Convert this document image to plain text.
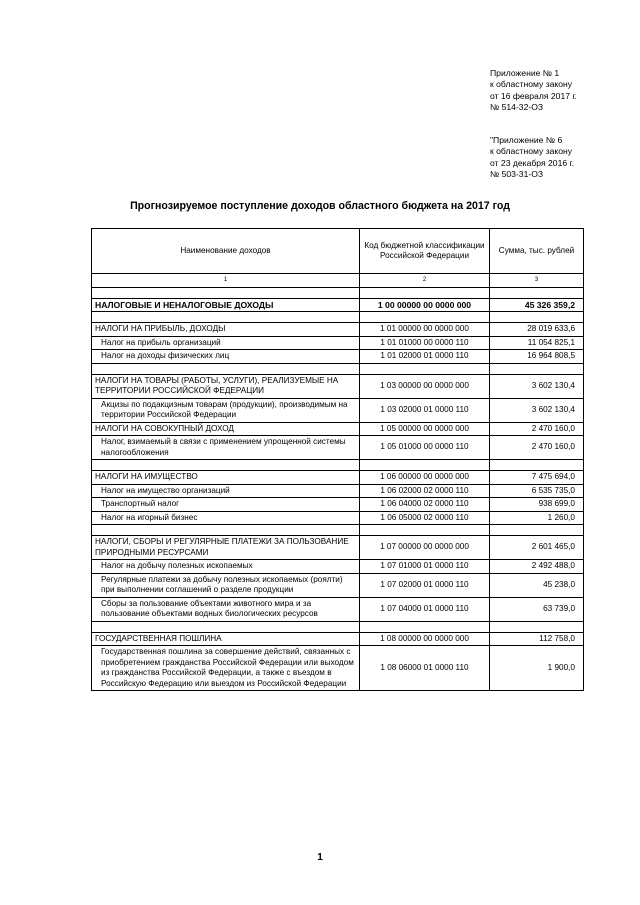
Приложение № 1
к областному закону
от 16 февраля 2017 г.
№ 514-32-ОЗ
"Приложение № 6
к областному закону
от 23 декабря 2016 г.
№ 503-31-ОЗ
Прогнозируемое поступление доходов областного бюджета на 2017 год
Наименование доходов	Код бюджетной классификации Российской Федерации	Сумма, тыс. рублей
1	2	3

НАЛОГОВЫЕ И НЕНАЛОГОВЫЕ ДОХОДЫ	1 00 00000 00 0000 000	45 326 359,2

НАЛОГИ НА ПРИБЫЛЬ, ДОХОДЫ	1 01 00000 00 0000 000	28 019 633,6
Налог на прибыль организаций	1 01 01000 00 0000 110	11 054 825,1
Налог на доходы физических лиц	1 01 02000 01 0000 110	16 964 808,5

НАЛОГИ НА ТОВАРЫ (РАБОТЫ, УСЛУГИ), РЕАЛИЗУЕМЫЕ НА ТЕРРИТОРИИ РОССИЙСКОЙ ФЕДЕРАЦИИ	1 03 00000 00 0000 000	3 602 130,4
Акцизы по подакцизным товарам (продукции), производимым на территории Российской Федерации	1 03 02000 01 0000 110	3 602 130,4
НАЛОГИ НА СОВОКУПНЫЙ ДОХОД	1 05 00000 00 0000 000	2 470 160,0
Налог, взимаемый в связи с применением упрощенной системы налогообложения	1 05 01000 00 0000 110	2 470 160,0

НАЛОГИ НА ИМУЩЕСТВО	1 06 00000 00 0000 000	7 475 694,0
Налог на имущество организаций	1 06 02000 02 0000 110	6 535 735,0
Транспортный налог	1 06 04000 02 0000 110	938 699,0
Налог на игорный бизнес	1 06 05000 02 0000 110	1 260,0

НАЛОГИ, СБОРЫ И РЕГУЛЯРНЫЕ ПЛАТЕЖИ ЗА ПОЛЬЗОВАНИЕ ПРИРОДНЫМИ РЕСУРСАМИ	1 07 00000 00 0000 000	2 601 465,0
Налог на добычу полезных ископаемых	1 07 01000 01 0000 110	2 492 488,0
Регулярные платежи за добычу полезных ископаемых (роялти) при выполнении соглашений о разделе продукции	1 07 02000 01 0000 110	45 238,0
Сборы за пользование объектами животного мира и за пользование объектами водных биологических ресурсов	1 07 04000 01 0000 110	63 739,0

ГОСУДАРСТВЕННАЯ ПОШЛИНА	1 08 00000 00 0000 000	112 758,0
Государственная пошлина за совершение действий, связанных с приобретением гражданства Российской Федерации или выходом из гражданства Российской Федерации, а также с въездом в Российскую Федерацию или выездом из Российской Федерации	1 08 06000 01 0000 110	1 900,0
1
